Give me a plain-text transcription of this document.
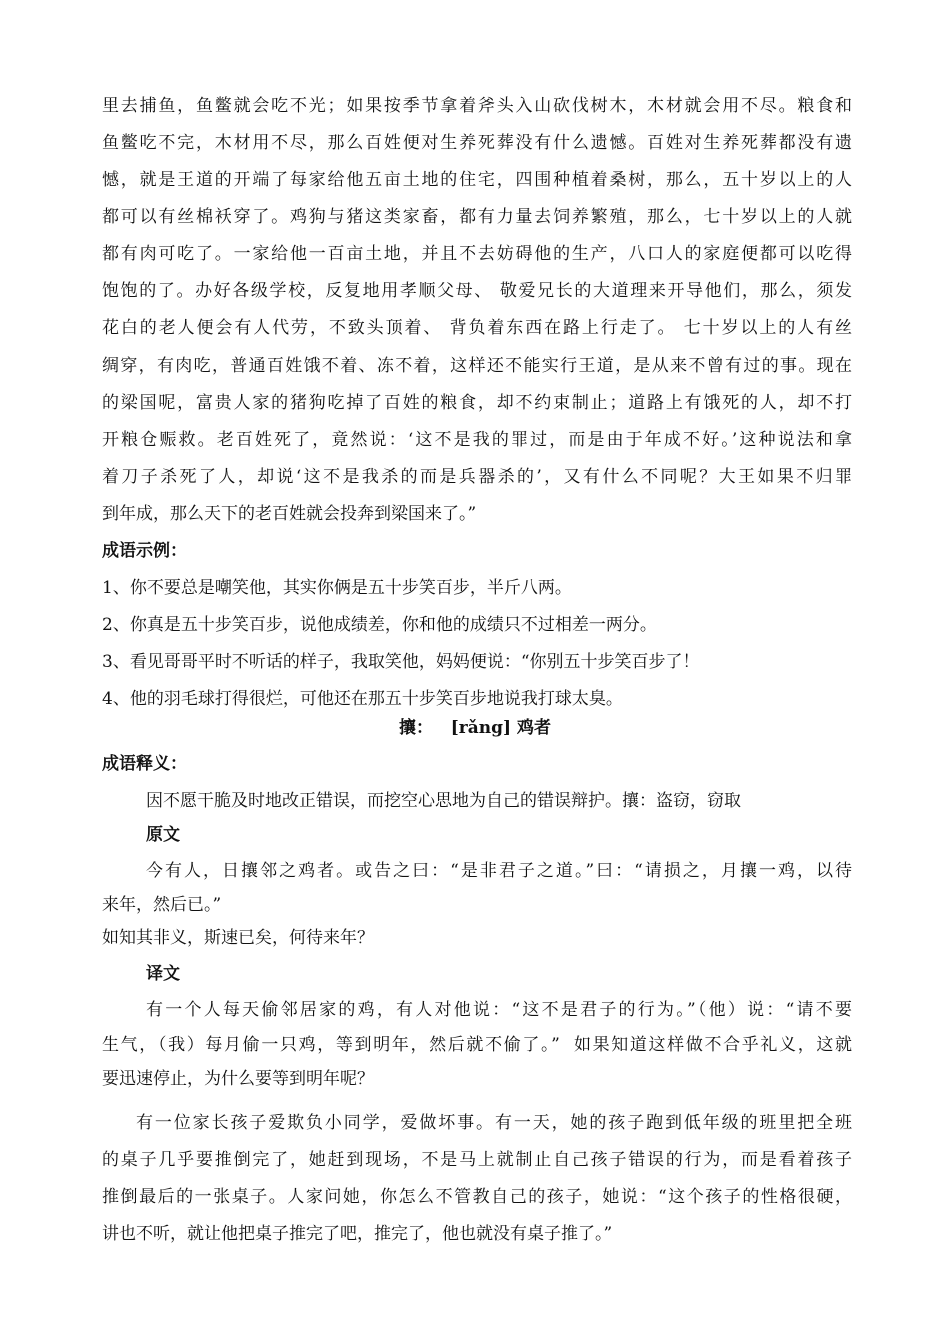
里去捕鱼，鱼鳖就会吃不光；如果按季节拿着斧头入山砍伐树木，木材就会用不尽。粮食和
鱼鳖吃不完，木材用不尽，那么百姓便对生养死葬没有什么遗憾。百姓对生养死葬都没有遗
憾，就是王道的开端了每家给他五亩土地的住宅，四围种植着桑树，那么，五十岁以上的人
都可以有丝棉袄穿了。鸡狗与猪这类家畜，都有力量去饲养繁殖，那么，七十岁以上的人就
都有肉可吃了。一家给他一百亩土地，并且不去妨碍他的生产，八口人的家庭便都可以吃得
饱饱的了。办好各级学校，反复地用孝顺父母、 敬爱兄长的大道理来开导他们，那么，须发
花白的老人便会有人代劳，不致头顶着、 背负着东西在路上行走了。 七十岁以上的人有丝
绸穿，有肉吃，普通百姓饿不着、冻不着，这样还不能实行王道，是从来不曾有过的事。现在
的梁国呢，富贵人家的猪狗吃掉了百姓的粮食，却不约束制止；道路上有饿死的人，却不打
开粮仓赈救。老百姓死了，竟然说：‘这不是我的罪过，而是由于年成不好。’这种说法和拿
着刀子杀死了人，却说‘这不是我杀的而是兵器杀的’，又有什么不同呢？大王如果不归罪
到年成，那么天下的老百姓就会投奔到梁国来了。”
成语示例：
1、你不要总是嘲笑他，其实你俩是五十步笑百步，半斤八两。
2、你真是五十步笑百步，说他成绩差，你和他的成绩只不过相差一两分。
3、看见哥哥平时不听话的样子，我取笑他，妈妈便说：“你别五十步笑百步了！
4、他的羽毛球打得很烂，可他还在那五十步笑百步地说我打球太臭。
攘：   [rǎng] 鸡者
成语释义：
因不愿干脆及时地改正错误，而挖空心思地为自己的错误辩护。攘：盗窃，窃取
原文
今有人，日攘邻之鸡者。或告之曰：“是非君子之道。”曰：“请损之，月攘一鸡，以待
来年，然后已。”
如知其非义，斯速已矣，何待来年？
译文
有一个人每天偷邻居家的鸡，有人对他说：“这不是君子的行为。”（他）说：“请不要
生气，（我）每月偷一只鸡，等到明年，然后就不偷了。”  如果知道这样做不合乎礼义，这就
要迅速停止，为什么要等到明年呢？
有一位家长孩子爱欺负小同学，爱做坏事。有一天，她的孩子跑到低年级的班里把全班
的桌子几乎要推倒完了，她赶到现场，不是马上就制止自己孩子错误的行为，而是看着孩子
推倒最后的一张桌子。人家问她，你怎么不管教自己的孩子，她说：“这个孩子的性格很硬，
讲也不听，就让他把桌子推完了吧，推完了，他也就没有桌子推了。”
